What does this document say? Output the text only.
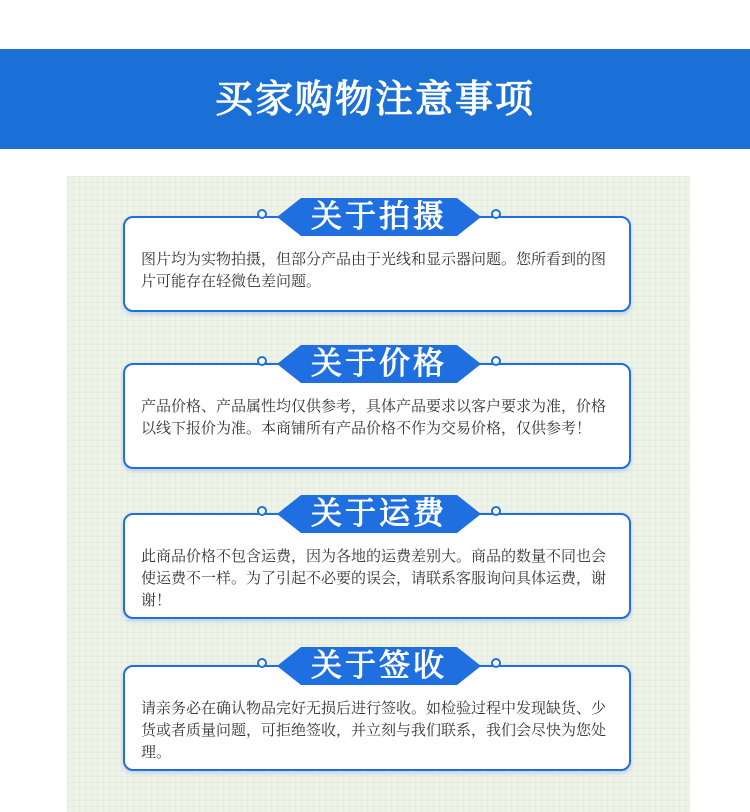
买家购物注意事项
图片均为实物拍摄，但部分产品由于光线和显示器问题。您所看到的图片可能存在轻微色差问题。
关于拍摄
产品价格、产品属性均仅供参考，具体产品要求以客户要求为准，价格以线下报价为准。本商铺所有产品价格不作为交易价格，仅供参考！
关于价格
此商品价格不包含运费，因为各地的运费差别大。商品的数量不同也会使运费不一样。为了引起不必要的误会，请联系客服询问具体运费，谢谢！
关于运费
请亲务必在确认物品完好无损后进行签收。如检验过程中发现缺货、少货或者质量问题，可拒绝签收，并立刻与我们联系，我们会尽快为您处理。
关于签收
